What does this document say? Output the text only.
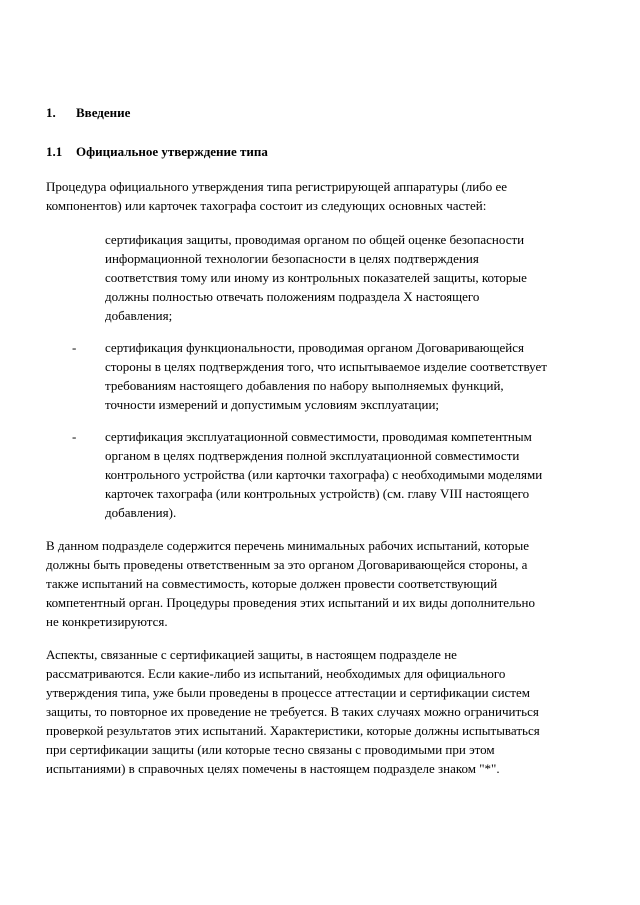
1. Введение
1.1 Официальное утверждение типа
Процедура официального утверждения типа регистрирующей аппаратуры (либо ее
компонентов) или карточек тахографа состоит из следующих основных частей:
сертификация защиты, проводимая органом по общей оценке безопасности
информационной технологии безопасности в целях подтверждения
соответствия тому или иному из контрольных показателей защиты, которые
должны полностью отвечать положениям подраздела X настоящего
добавления;
-	сертификация функциональности, проводимая органом Договаривающейся
стороны в целях подтверждения того, что испытываемое изделие соответствует
требованиям настоящего добавления по набору выполняемых функций,
точности измерений и допустимым условиям эксплуатации;
-	сертификация эксплуатационной совместимости, проводимая компетентным
органом в целях подтверждения полной эксплуатационной совместимости
контрольного устройства (или карточки тахографа) с необходимыми моделями
карточек тахографа (или контрольных устройств) (см. главу VIII настоящего
добавления).
В данном подразделе содержится перечень минимальных рабочих испытаний, которые
должны быть проведены ответственным за это органом Договаривающейся стороны, а
также испытаний на совместимость, которые должен провести соответствующий
компетентный орган. Процедуры проведения этих испытаний и их виды дополнительно
не конкретизируются.
Аспекты, связанные с сертификацией защиты, в настоящем подразделе не
рассматриваются. Если какие-либо из испытаний, необходимых для официального
утверждения типа, уже были проведены в процессе аттестации и сертификации систем
защиты, то повторное их проведение не требуется. В таких случаях можно ограничиться
проверкой результатов этих испытаний. Характеристики, которые должны испытываться
при сертификации защиты (или которые тесно связаны с проводимыми при этом
испытаниями) в справочных целях помечены в настоящем подразделе знаком "*".
